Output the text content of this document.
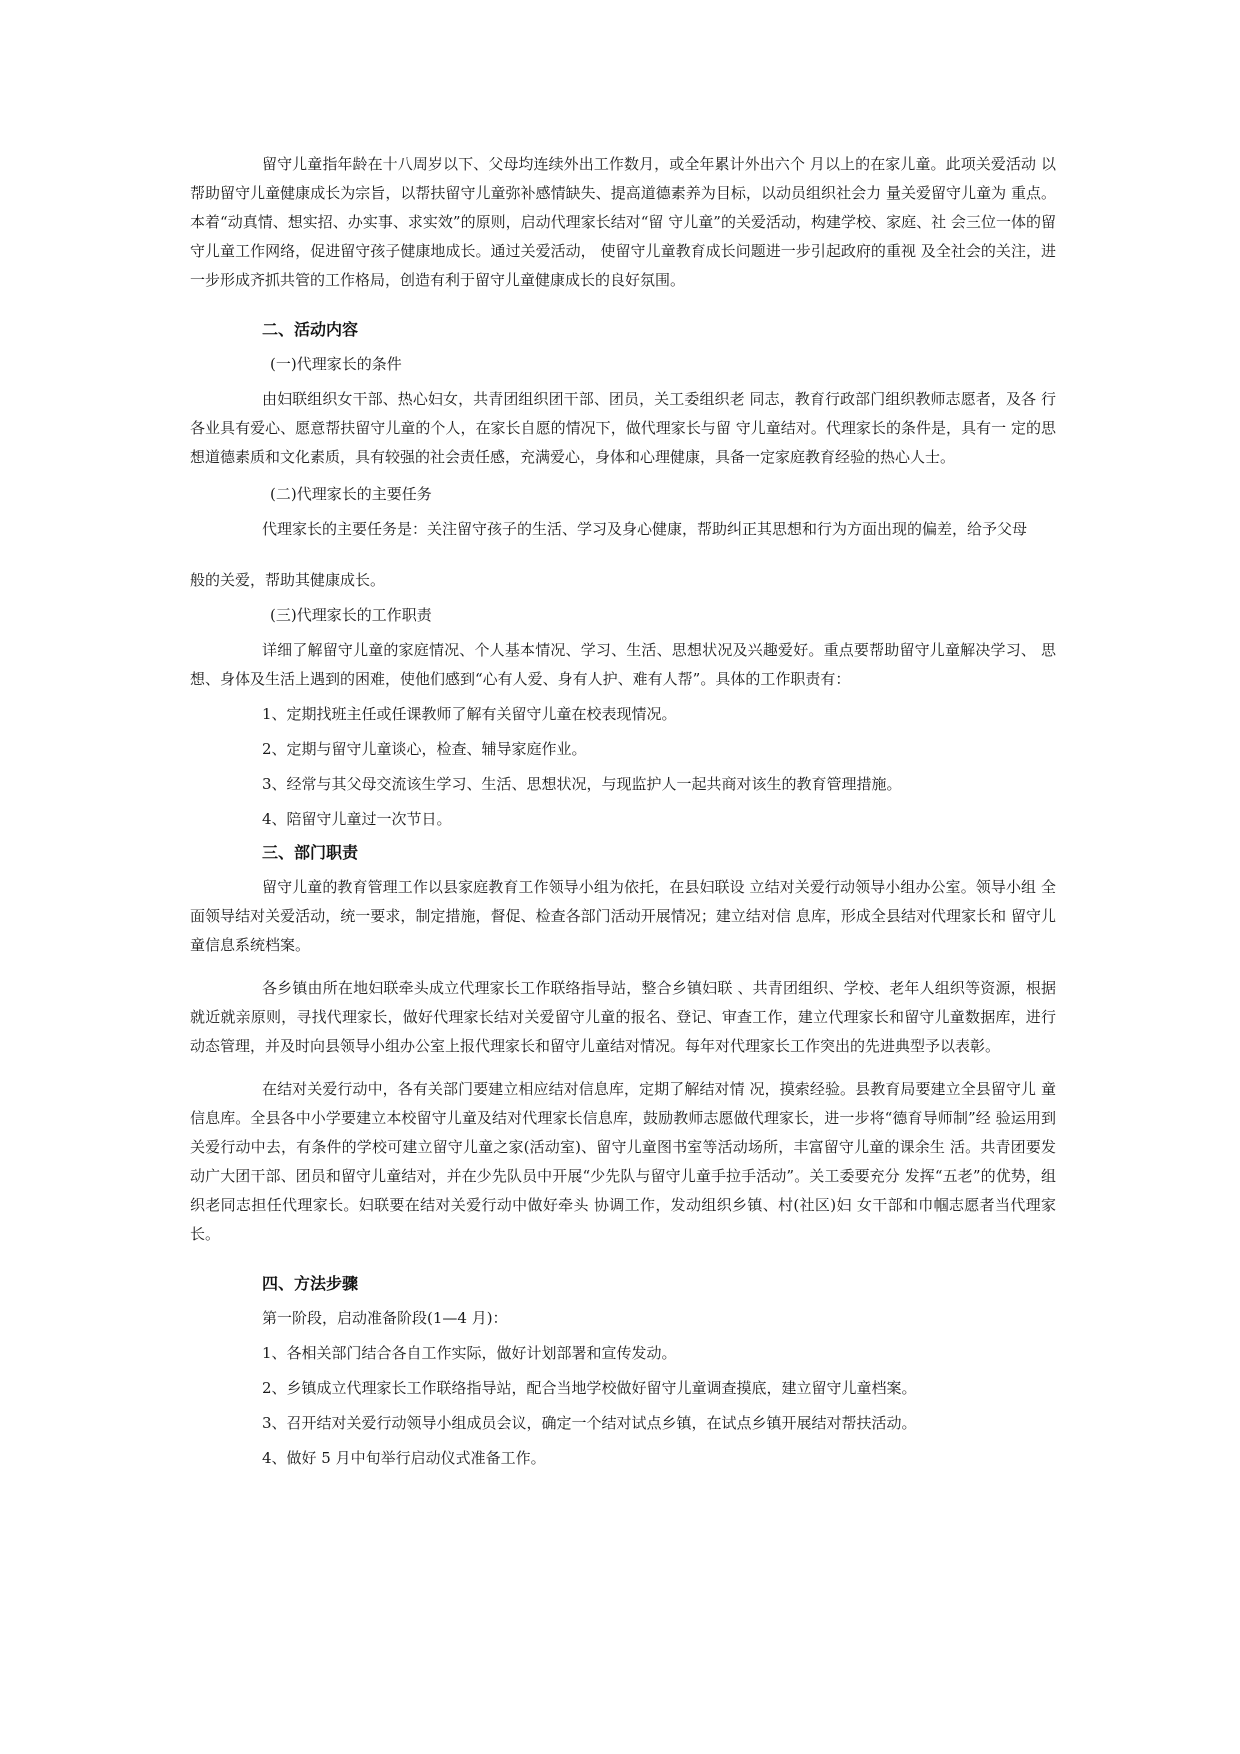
留守儿童指年龄在十八周岁以下、父母均连续外出工作数月，或全年累计外出六个 月以上的在家儿童。此项关爱活动 以帮助留守儿童健康成长为宗旨，以帮扶留守儿童弥补感情缺失、提高道德素养为目标，以动员组织社会力 量关爱留守儿童为 重点。本着“动真情、想实招、办实事、求实效”的原则，启动代理家长结对“留 守儿童”的关爱活动，构建学校、家庭、社 会三位一体的留守儿童工作网络，促进留守孩子健康地成长。通过关爱活动， 使留守儿童教育成长问题进一步引起政府的重视 及全社会的关注，进一步形成齐抓共管的工作格局，创造有利于留守儿童健康成长的良好氛围。

二、活动内容

(一)代理家长的条件

由妇联组织女干部、热心妇女，共青团组织团干部、团员，关工委组织老 同志，教育行政部门组织教师志愿者，及各 行各业具有爱心、愿意帮扶留守儿童的个人，在家长自愿的情况下，做代理家长与留 守儿童结对。代理家长的条件是，具有一 定的思想道德素质和文化素质，具有较强的社会责任感，充满爱心，身体和心理健康，具备一定家庭教育经验的热心人士。

(二)代理家长的主要任务

代理家长的主要任务是：关注留守孩子的生活、学习及身心健康，帮助纠正其思想和行为方面出现的偏差，给予父母

般的关爱，帮助其健康成长。

(三)代理家长的工作职责

详细了解留守儿童的家庭情况、个人基本情况、学习、生活、思想状况及兴趣爱好。重点要帮助留守儿童解决学习、 思想、身体及生活上遇到的困难，使他们感到“心有人爱、身有人护、难有人帮”。具体的工作职责有：

1、定期找班主任或任课教师了解有关留守儿童在校表现情况。

2、定期与留守儿童谈心，检查、辅导家庭作业。

3、经常与其父母交流该生学习、生活、思想状况，与现监护人一起共商对该生的教育管理措施。

4、陪留守儿童过一次节日。

三、部门职责

留守儿童的教育管理工作以县家庭教育工作领导小组为依托，在县妇联设 立结对关爱行动领导小组办公室。领导小组 全面领导结对关爱活动，统一要求，制定措施，督促、检查各部门活动开展情况；建立结对信 息库，形成全县结对代理家长和 留守儿童信息系统档案。

各乡镇由所在地妇联牵头成立代理家长工作联络指导站，整合乡镇妇联 、共青团组织、学校、老年人组织等资源，根据就近就亲原则，寻找代理家长，做好代理家长结对关爱留守儿童的报名、登记、审查工作，建立代理家长和留守儿童数据库，进行动态管理，并及时向县领导小组办公室上报代理家长和留守儿童结对情况。每年对代理家长工作突出的先进典型予以表彰。

在结对关爱行动中，各有关部门要建立相应结对信息库，定期了解结对情 况，摸索经验。县教育局要建立全县留守儿 童信息库。全县各中小学要建立本校留守儿童及结对代理家长信息库，鼓励教师志愿做代理家长，进一步将“德育导师制”经 验运用到关爱行动中去，有条件的学校可建立留守儿童之家(活动室)、留守儿童图书室等活动场所，丰富留守儿童的课余生 活。共青团要发动广大团干部、团员和留守儿童结对，并在少先队员中开展“少先队与留守儿童手拉手活动”。关工委要充分 发挥“五老”的优势，组织老同志担任代理家长。妇联要在结对关爱行动中做好牵头 协调工作，发动组织乡镇、村(社区)妇 女干部和巾帼志愿者当代理家长。

四、方法步骤

第一阶段，启动准备阶段(1—4 月)：

1、各相关部门结合各自工作实际，做好计划部署和宣传发动。

2、乡镇成立代理家长工作联络指导站，配合当地学校做好留守儿童调查摸底，建立留守儿童档案。

3、召开结对关爱行动领导小组成员会议，确定一个结对试点乡镇，在试点乡镇开展结对帮扶活动。

4、做好 5 月中旬举行启动仪式准备工作。
